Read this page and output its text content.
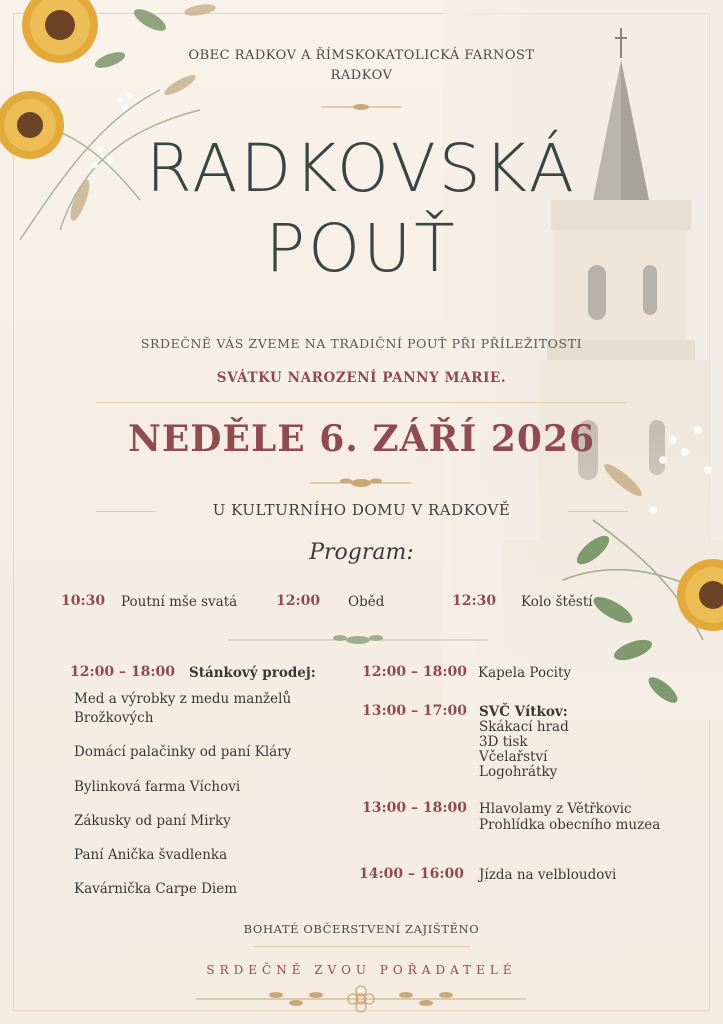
OBEC RADKOV A ŘÍMSKOKATOLICKÁ FARNOST
RADKOV
RADKOVSKÁ
POUŤ
SRDEČNĚ VÁS ZVEME NA TRADIČNÍ POUŤ PŘI PŘÍLEŽITOSTI
SVÁTKU NAROZENÍ PANNY MARIE.
NEDĚLE 6. ZÁŘÍ 2026
U KULTURNÍHO DOMU V RADKOVĚ
Program:
10:30 Poutní mše svatá	12:00 Oběd	12:30 Kolo štěstí
12:00 – 18:00 Stánkový prodej:
Med a výrobky z medu manželů
Brožkových
Domácí palačinky od paní Kláry
Bylinková farma Víchovi
Zákusky od paní Mirky
Paní Anička švadlenka
Kavárnička Carpe Diem
12:00 – 18:00 Kapela Pocity
13:00 – 17:00 SVČ Vítkov:
Skákací hrad
3D tisk
Včelařství
Logohrátky
13:00 – 18:00 Hlavolamy z Větřkovic
Prohlídka obecního muzea
14:00 – 16:00 Jízda na velbloudovi
BOHATÉ OBČERSTVENÍ ZAJIŠTĚNO
SRDEČNĚ ZVOU POŘADATELÉ
